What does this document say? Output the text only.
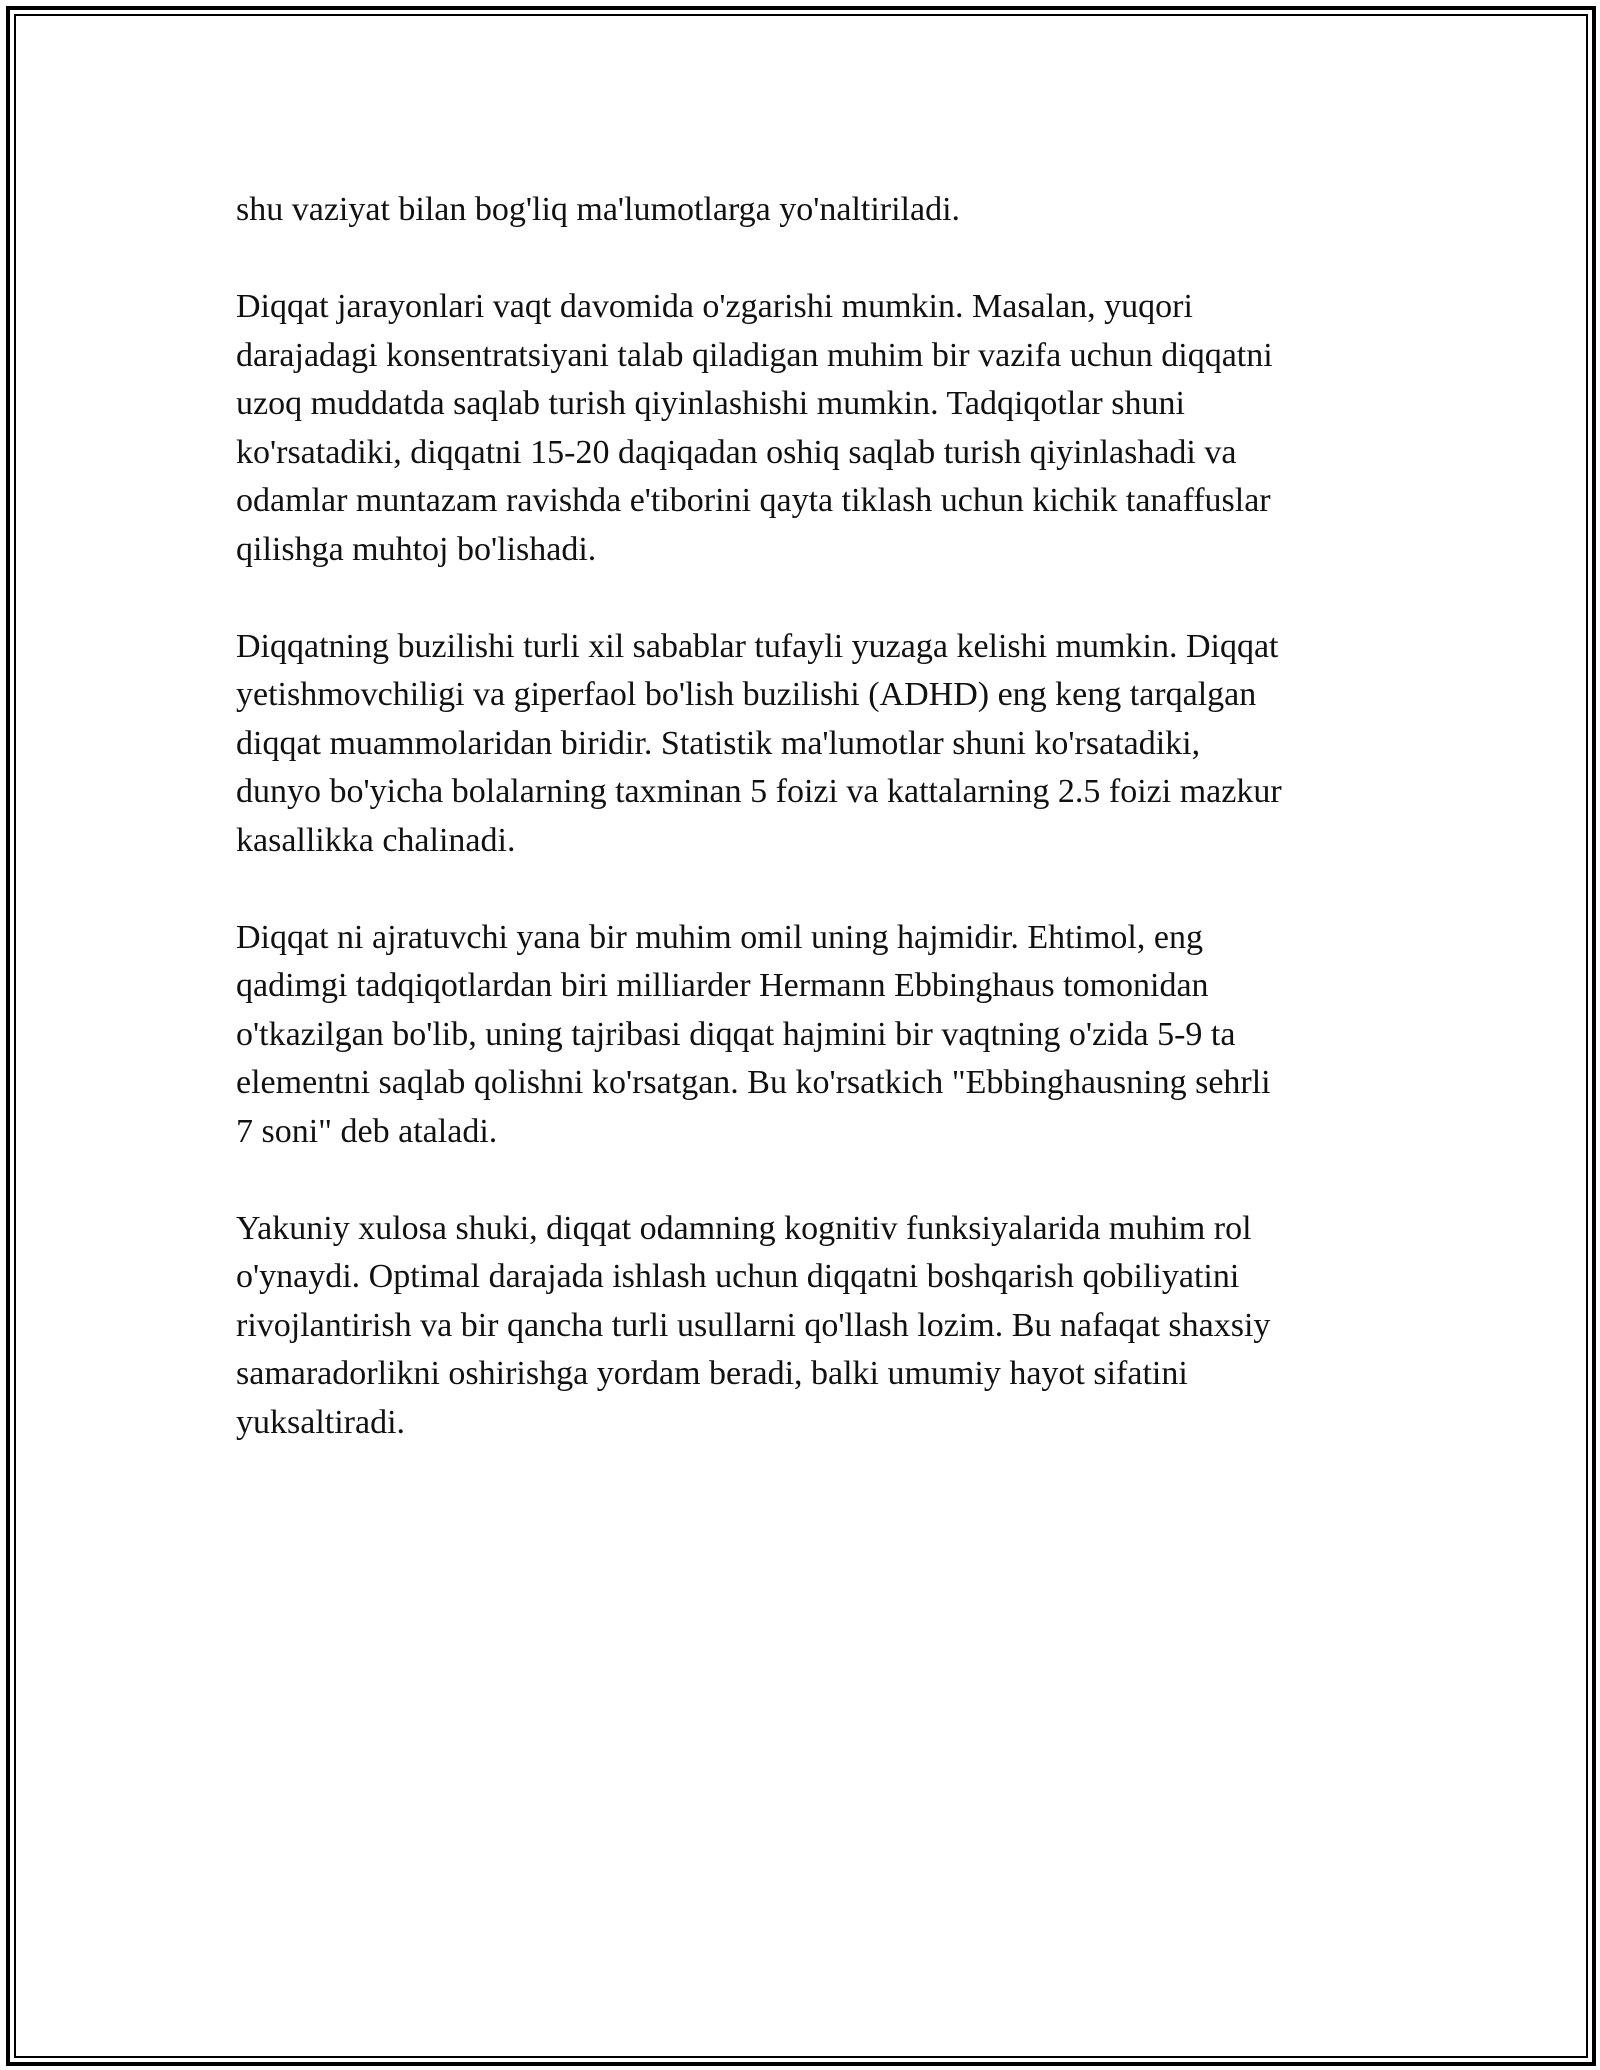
shu vaziyat bilan bog'liq ma'lumotlarga yo'naltiriladi.

Diqqat jarayonlari vaqt davomida o'zgarishi mumkin. Masalan, yuqori
darajadagi konsentratsiyani talab qiladigan muhim bir vazifa uchun diqqatni
uzoq muddatda saqlab turish qiyinlashishi mumkin. Tadqiqotlar shuni
ko'rsatadiki, diqqatni 15-20 daqiqadan oshiq saqlab turish qiyinlashadi va
odamlar muntazam ravishda e'tiborini qayta tiklash uchun kichik tanaffuslar
qilishga muhtoj bo'lishadi.

Diqqatning buzilishi turli xil sabablar tufayli yuzaga kelishi mumkin. Diqqat
yetishmovchiligi va giperfaol bo'lish buzilishi (ADHD) eng keng tarqalgan
diqqat muammolaridan biridir. Statistik ma'lumotlar shuni ko'rsatadiki,
dunyo bo'yicha bolalarning taxminan 5 foizi va kattalarning 2.5 foizi mazkur
kasallikka chalinadi.

Diqqat ni ajratuvchi yana bir muhim omil uning hajmidir. Ehtimol, eng
qadimgi tadqiqotlardan biri milliarder Hermann Ebbinghaus tomonidan
o'tkazilgan bo'lib, uning tajribasi diqqat hajmini bir vaqtning o'zida 5-9 ta
elementni saqlab qolishni ko'rsatgan. Bu ko'rsatkich "Ebbinghausning sehrli
7 soni" deb ataladi.

Yakuniy xulosa shuki, diqqat odamning kognitiv funksiyalarida muhim rol
o'ynaydi. Optimal darajada ishlash uchun diqqatni boshqarish qobiliyatini
rivojlantirish va bir qancha turli usullarni qo'llash lozim. Bu nafaqat shaxsiy
samaradorlikni oshirishga yordam beradi, balki umumiy hayot sifatini
yuksaltiradi.
